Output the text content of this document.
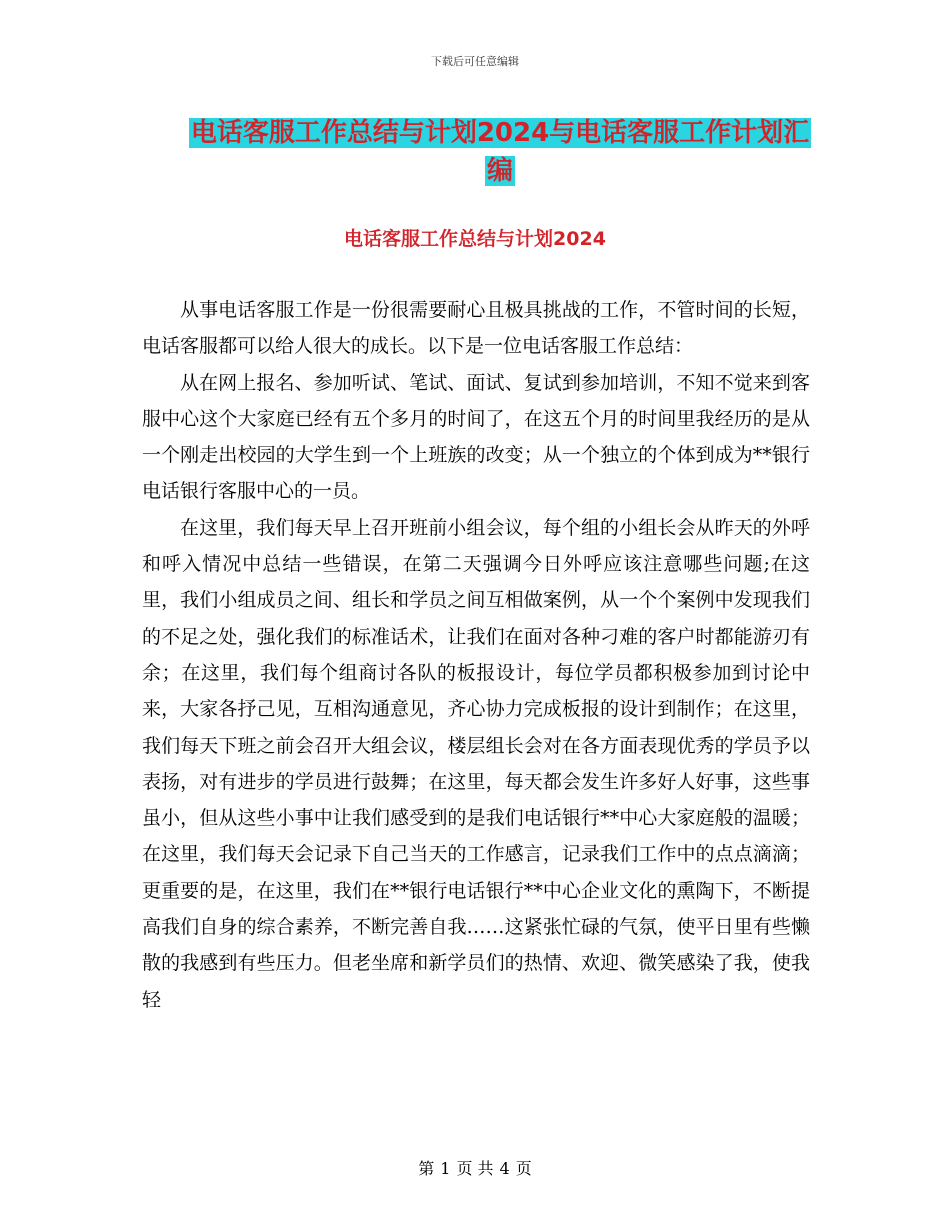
下载后可任意编辑
电话客服工作总结与计划2024与电话客服工作计划汇
编
电话客服工作总结与计划2024

从事电话客服工作是一份很需要耐心且极具挑战的工作，不管时间的长短，电话客服都可以给人很大的成长。以下是一位电话客服工作总结：

从在网上报名、参加听试、笔试、面试、复试到参加培训，不知不觉来到客服中心这个大家庭已经有五个多月的时间了，在这五个月的时间里我经历的是从一个刚走出校园的大学生到一个上班族的改变；从一个独立的个体到成为**银行电话银行客服中心的一员。

在这里，我们每天早上召开班前小组会议，每个组的小组长会从昨天的外呼和呼入情况中总结一些错误，在第二天强调今日外呼应该注意哪些问题;在这里，我们小组成员之间、组长和学员之间互相做案例，从一个个案例中发现我们的不足之处，强化我们的标准话术，让我们在面对各种刁难的客户时都能游刃有余；在这里，我们每个组商讨各队的板报设计，每位学员都积极参加到讨论中来，大家各抒己见，互相沟通意见，齐心协力完成板报的设计到制作；在这里，我们每天下班之前会召开大组会议，楼层组长会对在各方面表现优秀的学员予以表扬，对有进步的学员进行鼓舞；在这里，每天都会发生许多好人好事，这些事虽小，但从这些小事中让我们感受到的是我们电话银行**中心大家庭般的温暖；在这里，我们每天会记录下自己当天的工作感言，记录我们工作中的点点滴滴；更重要的是，在这里，我们在**银行电话银行**中心企业文化的熏陶下，不断提高我们自身的综合素养，不断完善自我……这紧张忙碌的气氛，使平日里有些懒散的我感到有些压力。但老坐席和新学员们的热情、欢迎、微笑感染了我，使我轻

第 1 页 共 4 页
